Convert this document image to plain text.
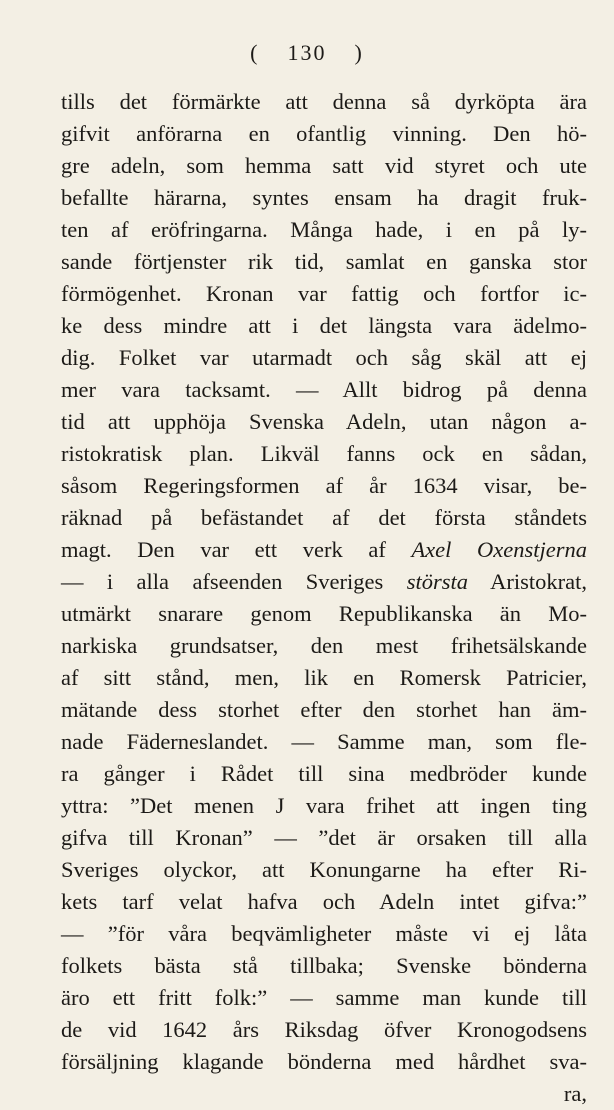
( 130 )
tills det förmärkte att denna så dyrköpta ära
gifvit anförarna en ofantlig vinning. Den hö-
gre adeln, som hemma satt vid styret och ute
befallte härarna, syntes ensam ha dragit fruk-
ten af eröfringarna. Många hade, i en på ly-
sande förtjenster rik tid, samlat en ganska stor
förmögenhet. Kronan var fattig och fortfor ic-
ke dess mindre att i det längsta vara ädelmo-
dig. Folket var utarmadt och såg skäl att ej
mer vara tacksamt. — Allt bidrog på denna
tid att upphöja Svenska Adeln, utan någon a-
ristokratisk plan. Likväl fanns ock en sådan,
såsom Regeringsformen af år 1634 visar, be-
räknad på befästandet af det första ståndets
magt. Den var ett verk af Axel Oxenstjerna
— i alla afseenden Sveriges största Aristokrat,
utmärkt snarare genom Republikanska än Mo-
narkiska grundsatser, den mest frihetsälskande
af sitt stånd, men, lik en Romersk Patricier,
mätande dess storhet efter den storhet han äm-
nade Fäderneslandet. — Samme man, som fle-
ra gånger i Rådet till sina medbröder kunde
yttra: ”Det menen J vara frihet att ingen ting
gifva till Kronan” — ”det är orsaken till alla
Sveriges olyckor, att Konungarne ha efter Ri-
kets tarf velat hafva och Adeln intet gifva:”
— ”för våra beqvämligheter måste vi ej låta
folkets bästa stå tillbaka; Svenske bönderna
äro ett fritt folk:” — samme man kunde till
de vid 1642 års Riksdag öfver Kronogodsens
försäljning klagande bönderna med hårdhet sva-
ra,
